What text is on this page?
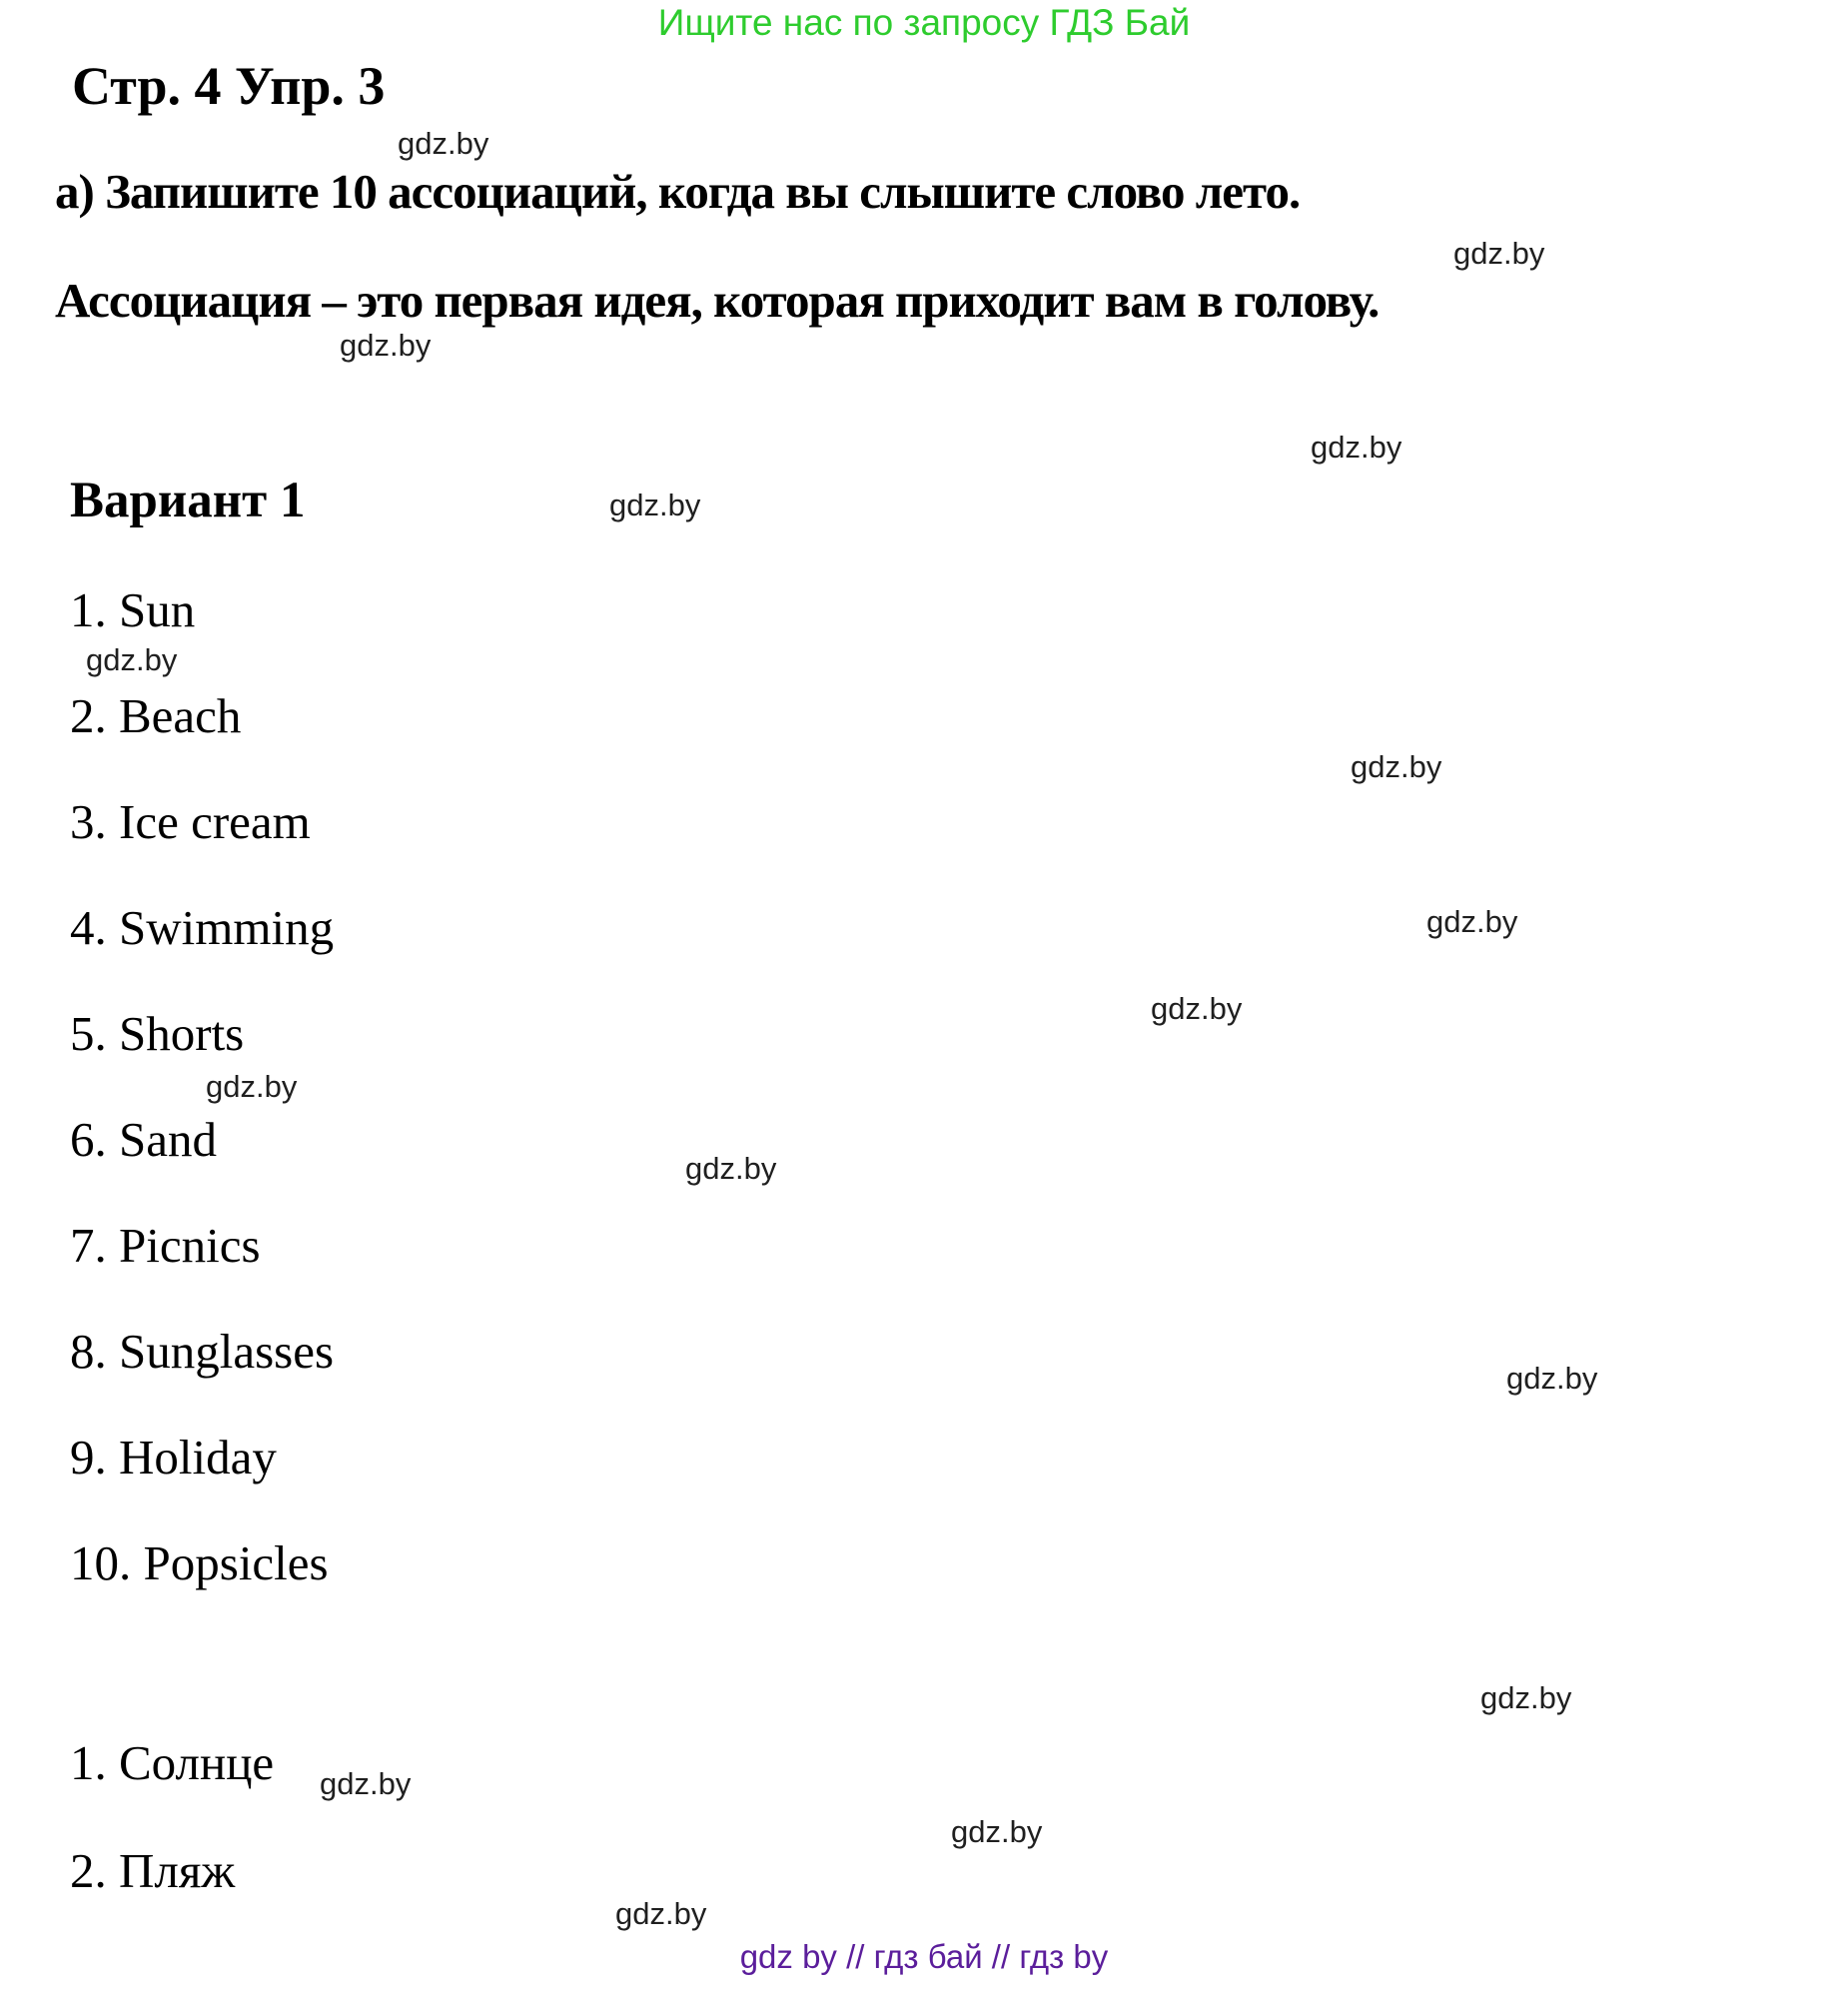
Ищите нас по запросу ГДЗ Бай
Стр. 4 Упр. 3
а) Запишите 10 ассоциаций, когда вы слышите слово лето.
Ассоциация – это первая идея, которая приходит вам в голову.
Вариант 1
1. Sun
2. Beach
3. Ice cream
4. Swimming
5. Shorts
6. Sand
7. Picnics
8. Sunglasses
9. Holiday
10. Popsicles
1. Солнце
2. Пляж
gdz.by
gdz.by
gdz.by
gdz.by
gdz.by
gdz.by
gdz.by
gdz.by
gdz.by
gdz.by
gdz.by
gdz.by
gdz.by
gdz.by
gdz.by
gdz.by
gdz by // гдз бай // гдз by
